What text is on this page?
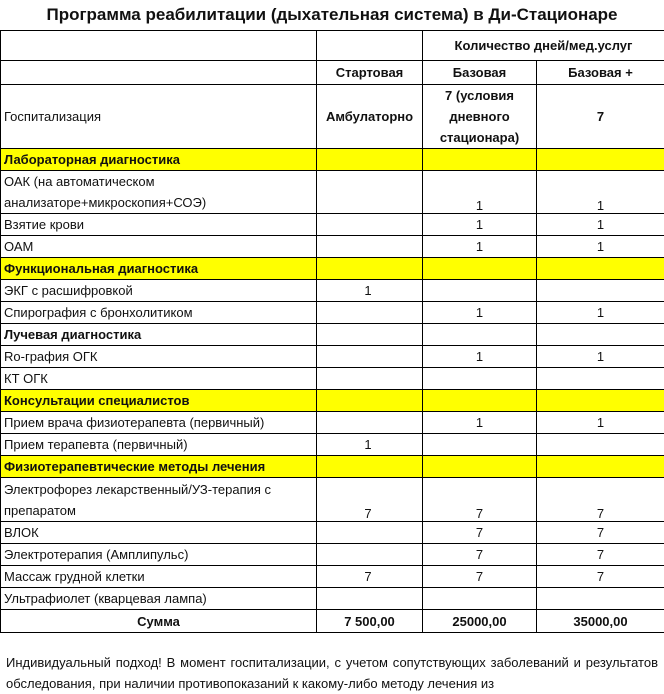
Программа реабилитации (дыхательная система) в Ди-Стационаре
		Количество дней/мед.услуг	
	Стартовая	Базовая	Базовая +
Госпитализация	Амбулаторно	7 (условия дневного стационара)	7
Лабораторная диагностика			
ОАК (на автоматическом анализаторе+микроскопия+СОЭ)		1	1
Взятие крови		1	1
ОАМ		1	1
Функциональная диагностика			
ЭКГ с расшифровкой	1		
Спирография с бронхолитиком		1	1
Лучевая диагностика			
Ro-графия ОГК		1	1
КТ ОГК			
Консультации специалистов			
Прием врача физиотерапевта (первичный)		1	1
Прием терапевта (первичный)	1		
Физиотерапевтические методы лечения			
Электрофорез лекарственный/УЗ-терапия с препаратом	7	7	7
ВЛОК		7	7
Электротерапия (Амплипульс)		7	7
Массаж грудной клетки	7	7	7
Ультрафиолет (кварцевая лампа)			
Сумма	7 500,00	25000,00	35000,00
Индивидуальный подход! В момент госпитализации, с учетом сопутствующих заболеваний и результатов обследования, при наличии противопоказаний к какому-либо методу лечения из
